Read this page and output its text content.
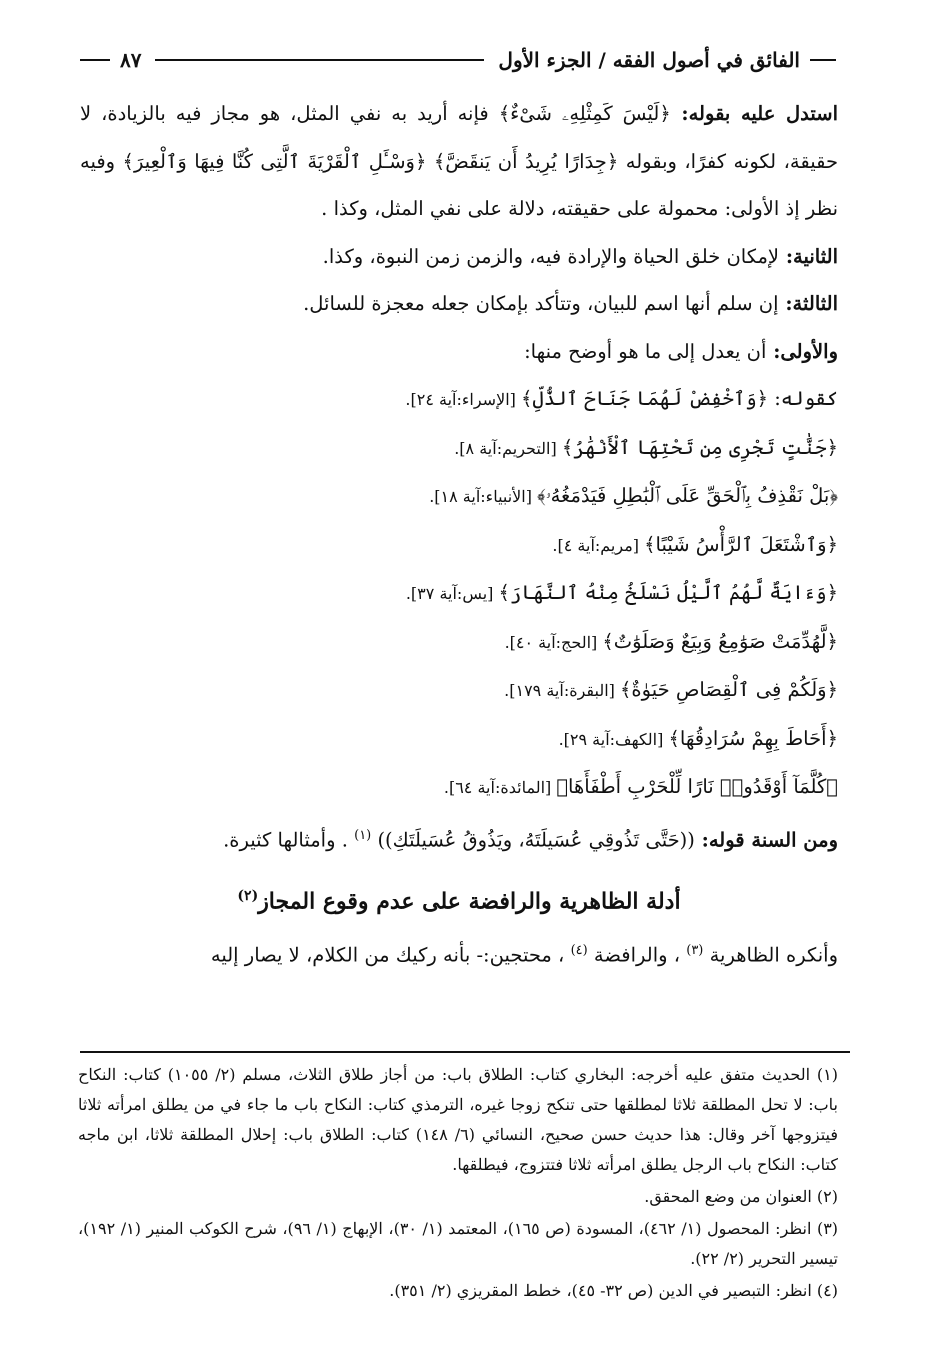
الفائق في أصول الفقه / الجزء الأول
٨٧

استدل عليه بقوله: ﴿لَيْسَ كَمِثْلِهِۦ شَىْءٌ﴾ فإنه أريد به نفي المثل، هو مجاز فيه بالزيادة، لا حقيقة، لكونه كفرًا، وبقوله ﴿جِدَارًا يُرِيدُ أَن يَنقَضَّ﴾ ﴿وَسْـَٔلِ ٱلْقَرْيَةَ ٱلَّتِى كُنَّا فِيهَا وَٱلْعِيرَ﴾ وفيه نظر إذ الأولى: محمولة على حقيقته، دلالة على نفي المثل، وكذا .

الثانية: لإمكان خلق الحياة والإرادة فيه، والزمن زمن النبوة، وكذا.

الثالثة: إن سلم أنها اسم للبيان، وتتأكد بإمكان جعله معجزة للسائل.

والأولى: أن يعدل إلى ما هو أوضح منها:

كقوله: ﴿وَٱخْفِضْ لَهُمَا جَنَاحَ ٱلذُّلِّ﴾ [الإسراء:آية ٢٤].

﴿جَنَّٰتٍ تَجْرِى مِن تَحْتِهَا ٱلْأَنْهَٰرُ﴾ [التحريم:آية ٨].

﴿بَلْ نَقْذِفُ بِٱلْحَقِّ عَلَى ٱلْبَٰطِلِ فَيَدْمَغُهُۥ﴾ [الأنبياء:آية ١٨].

﴿وَٱشْتَعَلَ ٱلرَّأْسُ شَيْبًا﴾ [مريم:آية ٤].

﴿وَءَايَةٌ لَّهُمُ ٱلَّيْلُ نَسْلَخُ مِنْهُ ٱلنَّهَارَ﴾ [يس:آية ٣٧].

﴿لَّهُدِّمَتْ صَوَٰمِعُ وَبِيَعٌ وَصَلَوَٰتٌ﴾ [الحج:آية ٤٠].

﴿وَلَكُمْ فِى ٱلْقِصَاصِ حَيَوٰةٌ﴾ [البقرة:آية ١٧٩].

﴿أَحَاطَ بِهِمْ سُرَادِقُهَا﴾ [الكهف:آية ٢٩].

﴿كُلَّمَآ أَوْقَدُوا۟ نَارًا لِّلْحَرْبِ أَطْفَأَهَا﴾ [المائدة:آية ٦٤].

ومن السنة قوله: ((حَتَّى تَذُوقِي عُسَيلَتَهُ، ويَذُوقُ عُسَيلَتَكِ)) $^{(١)}$ . وأمثالها كثيرة.

أدلة الظاهرية والرافضة على عدم وقوع المجاز$^{(٢)}$

وأنكره الظاهرية $^{(٣)}$ ، والرافضة $^{(٤)}$ ، محتجين:- بأنه ركيك من الكلام، لا يصار إليه

(١) الحديث متفق عليه أخرجه: البخاري كتاب: الطلاق باب: من أجاز طلاق الثلاث، مسلم (٢/ ١٠٥٥) كتاب: النكاح باب: لا تحل المطلقة ثلاثا لمطلقها حتى تنكح زوجا غيره، الترمذي كتاب: النكاح باب ما جاء في من يطلق امرأته ثلاثا فيتزوجها آخر وقال: هذا حديث حسن صحيح، النسائي (٦/ ١٤٨) كتاب: الطلاق باب: إحلال المطلقة ثلاثا، ابن ماجه كتاب: النكاح باب الرجل يطلق امرأته ثلاثا فتتزوج، فيطلقها.

(٢) العنوان من وضع المحقق.

(٣) انظر: المحصول (١/ ٤٦٢)، المسودة (ص ١٦٥)، المعتمد (١/ ٣٠)، الإبهاج (١/ ٩٦)، شرح الكوكب المنير (١/ ١٩٢)، تيسير التحرير (٢/ ٢٢).

(٤) انظر: التبصير في الدين (ص ٣٢- ٤٥)، خطط المقريزي (٢/ ٣٥١).
